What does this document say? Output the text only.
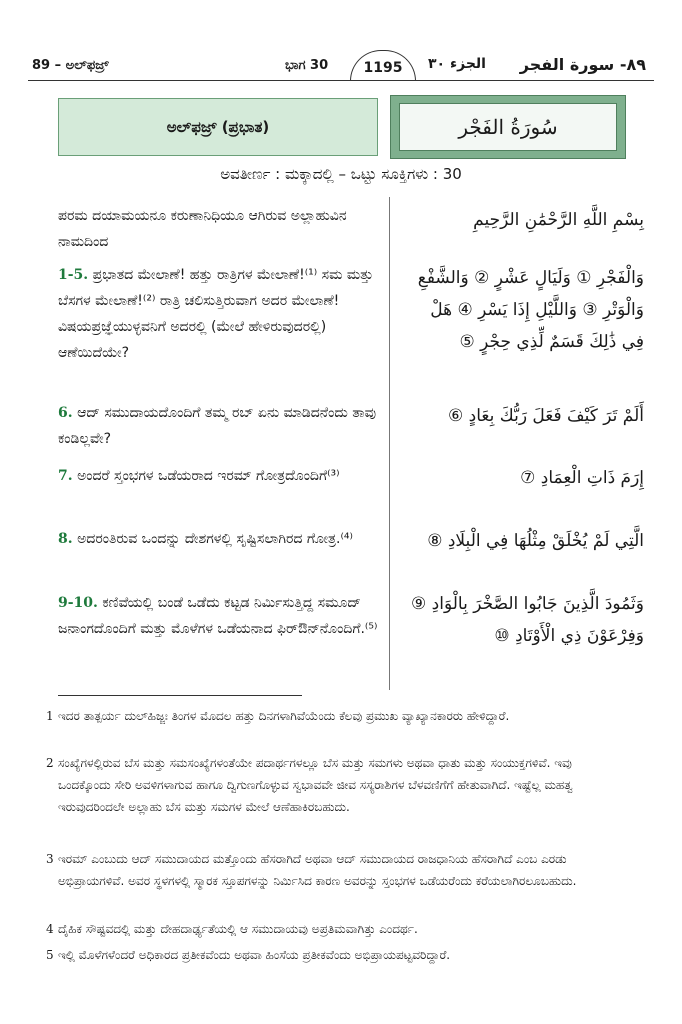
89 – ಅಲ್‌ಫಜ್ರ್	ಭಾಗ 30	1195	الجزء ٣٠ ٨٩- سورة الفجر
ಅಲ್‌ಫಜ್ರ್ (ಪ್ರಭಾತ)	سُورَةُ الفَجْر
ಅವತೀರ್ಣ : ಮಕ್ಕಾದಲ್ಲಿ – ಒಟ್ಟು ಸೂಕ್ತಿಗಳು : 30
ಪರಮ ದಯಾಮಯನೂ ಕರುಣಾನಿಧಿಯೂ ಆಗಿರುವ ಅಲ್ಲಾಹುವಿನ ನಾಮದಿಂದ
1-5. ಪ್ರಭಾತದ ಮೇಲಾಣೆ! ಹತ್ತು ರಾತ್ರಿಗಳ ಮೇಲಾಣೆ!⁽¹⁾ ಸಮ ಮತ್ತು ಬೆಸಗಳ ಮೇಲಾಣೆ!⁽²⁾ ರಾತ್ರಿ ಚಲಿಸುತ್ತಿರುವಾಗ ಅದರ ಮೇಲಾಣೆ! ವಿಷಯಪ್ರಜ್ಞೆಯುಳ್ಳವನಿಗೆ ಅದರಲ್ಲಿ (ಮೇಲೆ ಹೇಳಿರುವುದರಲ್ಲಿ) ಆಣೆಯಿದೆಯೇ?
6. ಆದ್ ಸಮುದಾಯದೊಂದಿಗೆ ತಮ್ಮ ರಬ್ ಏನು ಮಾಡಿದನೆಂದು ತಾವು ಕಂಡಿಲ್ಲವೇ?
7. ಅಂದರೆ ಸ್ತಂಭಗಳ ಒಡೆಯರಾದ ಇರಮ್ ಗೋತ್ರದೊಂದಿಗೆ⁽³⁾
8. ಅದರಂತಿರುವ ಒಂದನ್ನು ದೇಶಗಳಲ್ಲಿ ಸೃಷ್ಟಿಸಲಾಗಿರದ ಗೋತ್ರ.⁽⁴⁾
9-10. ಕಣಿವೆಯಲ್ಲಿ ಬಂಡೆ ಒಡೆದು ಕಟ್ಟಡ ನಿರ್ಮಿಸುತ್ತಿದ್ದ ಸಮೂದ್ ಜನಾಂಗದೊಂದಿಗೆ ಮತ್ತು ಮೊಳೆಗಳ ಒಡೆಯನಾದ ಫಿರ್‌ಔನ್‌ನೊಂದಿಗೆ.⁽⁵⁾
بِسْمِ اللَّهِ الرَّحْمَٰنِ الرَّحِيمِ
وَالْفَجْرِ ① وَلَيَالٍ عَشْرٍ ② وَالشَّفْعِ وَالْوَتْرِ ③ وَاللَّيْلِ إِذَا يَسْرِ ④ هَلْ فِي ذَٰلِكَ قَسَمٌ لِّذِي حِجْرٍ ⑤
أَلَمْ تَرَ كَيْفَ فَعَلَ رَبُّكَ بِعَادٍ ⑥
إِرَمَ ذَاتِ الْعِمَادِ ⑦
الَّتِي لَمْ يُخْلَقْ مِثْلُهَا فِي الْبِلَادِ ⑧
وَثَمُودَ الَّذِينَ جَابُوا الصَّخْرَ بِالْوَادِ ⑨ وَفِرْعَوْنَ ذِي الْأَوْتَادِ ⑩
1 ಇದರ ತಾತ್ಪರ್ಯ ದುಲ್‌ಹಿಜ್ಜಃ ತಿಂಗಳ ಮೊದಲ ಹತ್ತು ದಿನಗಳಾಗಿವೆಯೆಂದು ಕೆಲವು ಪ್ರಮುಖ ವ್ಯಾಖ್ಯಾನಕಾರರು ಹೇಳಿದ್ದಾರೆ.
2 ಸಂಖ್ಯೆಗಳಲ್ಲಿರುವ ಬೆಸ ಮತ್ತು ಸಮಸಂಖ್ಯೆಗಳಂತೆಯೇ ಪದಾರ್ಥಗಳಲ್ಲೂ ಬೆಸ ಮತ್ತು ಸಮಗಳು ಅಥವಾ ಧಾತು ಮತ್ತು ಸಂಯುಕ್ತಗಳಿವೆ. ಇವು ಒಂದಕ್ಕೊಂದು ಸೇರಿ ಅವಳಿಗಳಾಗುವ ಹಾಗೂ ದ್ವಿಗುಣಗೊಳ್ಳುವ ಸ್ವಭಾವವೇ ಜೀವ ಸಸ್ಯರಾಶಿಗಳ ಬೆಳವಣಿಗೆಗೆ ಹೇತುವಾಗಿದೆ. ಇಷ್ಟೆಲ್ಲ ಮಹತ್ವ ಇರುವುದರಿಂದಲೇ ಅಲ್ಲಾಹು ಬೆಸ ಮತ್ತು ಸಮಗಳ ಮೇಲೆ ಆಣೆಹಾಕಿರಬಹುದು.
3 ಇರಮ್ ಎಂಬುದು ಆದ್ ಸಮುದಾಯದ ಮತ್ತೊಂದು ಹೆಸರಾಗಿದೆ ಅಥವಾ ಆದ್ ಸಮುದಾಯದ ರಾಜಧಾನಿಯ ಹೆಸರಾಗಿದೆ ಎಂಬ ಎರಡು ಅಭಿಪ್ರಾಯಗಳಿವೆ. ಅವರ ಸ್ಥಳಗಳಲ್ಲಿ ಸ್ಮಾರಕ ಸ್ತೂಪಗಳನ್ನು ನಿರ್ಮಿಸಿದ ಕಾರಣ ಅವರನ್ನು ಸ್ತಂಭಗಳ ಒಡೆಯರೆಂದು ಕರೆಯಲಾಗಿರಲೂಬಹುದು.
4 ದೈಹಿಕ ಸೌಷ್ಟವದಲ್ಲಿ ಮತ್ತು ದೇಹದಾರ್ಢ್ಯತೆಯಲ್ಲಿ ಆ ಸಮುದಾಯವು ಅಪ್ರತಿಮವಾಗಿತ್ತು ಎಂದರ್ಥ.
5 ಇಲ್ಲಿ ಮೊಳೆಗಳೆಂದರೆ ಅಧಿಕಾರದ ಪ್ರತೀಕವೆಂದು ಅಥವಾ ಹಿಂಸೆಯ ಪ್ರತೀಕವೆಂದು ಅಭಿಪ್ರಾಯಪಟ್ಟವರಿದ್ದಾರೆ.
